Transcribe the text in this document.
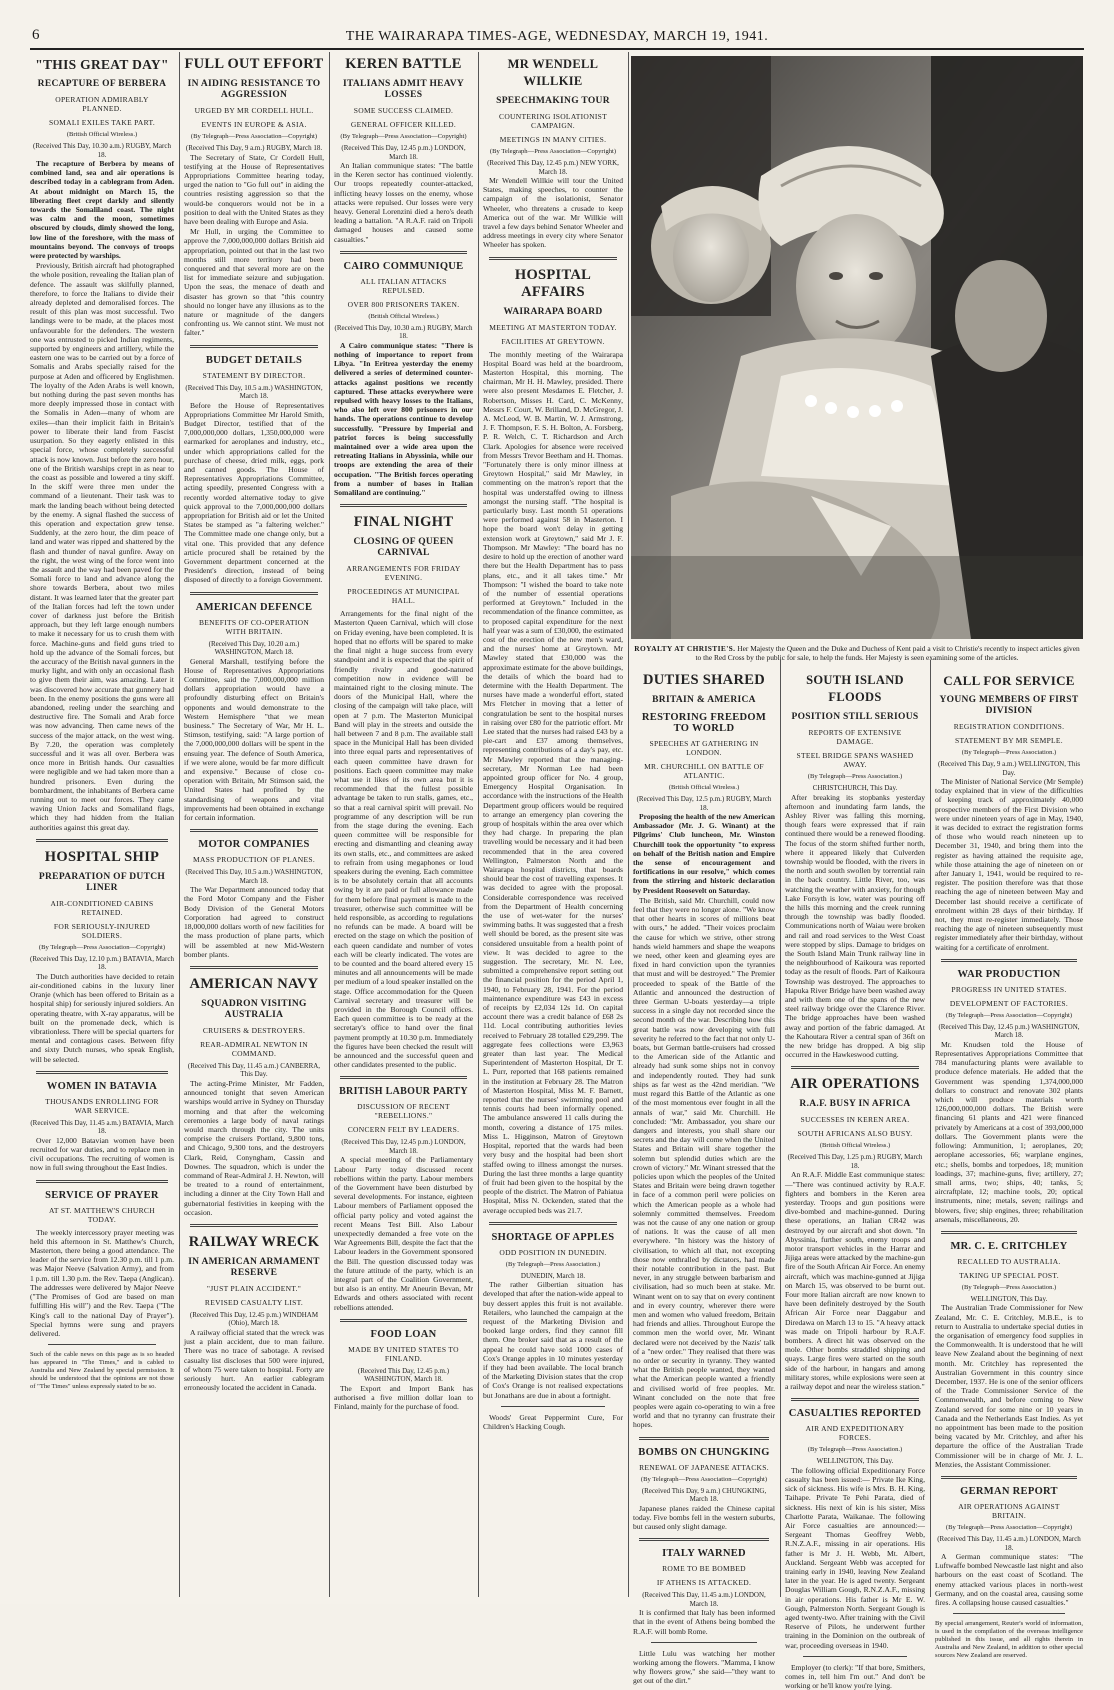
6	THE WAIRARAPA TIMES-AGE, WEDNESDAY, MARCH 19, 1941.
"THIS GREAT DAY"
RECAPTURE OF BERBERA
OPERATION ADMIRABLY PLANNED.
SOMALI EXILES TAKE PART.
(British Official Wireless.)
(Received This Day, 10.30 a.m.) RUGBY, March 18.

The recapture of Berbera by means of combined land, sea and air operations is described today in a cablegram from Aden. At about midnight on March 15, the liberating fleet crept darkly and silently towards the Somaliland coast. The night was calm and the moon, sometimes obscured by clouds, dimly showed the long, low line of the foreshore, with the mass of mountains beyond. The convoys of troops were protected by warships.

Previously, British aircraft had photographed the whole position, revealing the Italian plan of defence. The assault was skilfully planned, therefore, to force the Italians to divide their already depleted and demoralised forces. The result of this plan was most successful. Two landings were to be made, at the places most unfavourable for the defenders. The western one was entrusted to picked Indian regiments, supported by engineers and artillery, while the eastern one was to be carried out by a force of Somalis and Arabs specially raised for the purpose at Aden and officered by Englishmen. The loyalty of the Aden Arabs is well known, but nothing during the past seven months has more deeply impressed those in contact with the Somalis in Aden—many of whom are exiles—than their implicit faith in Britain's power to liberate their land from Fascist usurpation. So they eagerly enlisted in this special force, whose completely successful attack is now known. Just before the zero hour, one of the British warships crept in as near to the coast as possible and lowered a tiny skiff. In the skiff were three men under the command of a lieutenant. Their task was to mark the landing beach without being detected by the enemy. A signal flashed the success of this operation and expectation grew tense. Suddenly, at the zero hour, the dim peace of land and water was ripped and shattered by the flash and thunder of naval gunfire. Away on the right, the west wing of the force went into the assault and the way had been paved for the Somali force to land and advance along the shore towards Berbera, about two miles distant. It was learned later that the greater part of the Italian forces had left the town under cover of darkness just before the British approach, but they left large enough numbers to make it necessary for us to crush them with force. Machine-guns and field guns tried to hold up the advance of the Somali forces, but the accuracy of the British naval gunners in the murky light, and with only an occasional flash to give them their aim, was amazing. Later it was discovered how accurate that gunnery had been. In the enemy positions the guns were all abandoned, reeling under the searching and destructive fire. The Somali and Arab force was now advancing. Then came news of the success of the major attack, on the west wing. By 7.20, the operation was completely successful and it was all over. Berbera was once more in British hands. Our casualties were negligible and we had taken more than a hundred prisoners. Even during the bombardment, the inhabitants of Berbera came running out to meet our forces. They came waving Union Jacks and Somaliland flags, which they had hidden from the Italian authorities against this great day.

HOSPITAL SHIP
PREPARATION OF DUTCH LINER
AIR-CONDITIONED CABINS RETAINED.
FOR SERIOUSLY-INJURED SOLDIERS.
(By Telegraph—Press Association—Copyright)
(Received This Day, 12.10 p.m.) BATAVIA, March 18.

The Dutch authorities have decided to retain air-conditioned cabins in the luxury liner Oranje (which has been offered to Britain as a hospital ship) for seriously injured soldiers. An operating theatre, with X-ray apparatus, will be built on the promenade deck, which is vibrationless. There will be special quarters for mental and contagious cases. Between fifty and sixty Dutch nurses, who speak English, will be selected.

WOMEN IN BATAVIA
THOUSANDS ENROLLING FOR WAR SERVICE.
(Received This Day, 11.45 a.m.) BATAVIA, March 18.

Over 12,000 Batavian women have been recruited for war duties, and to replace men in civil occupations. The recruiting of women is now in full swing throughout the East Indies.

SERVICE OF PRAYER
AT ST. MATTHEW'S CHURCH TODAY.

The weekly intercessory prayer meeting was held this afternoon in St. Matthew's Church, Masterton, there being a good attendance. The leader of the service from 12.30 p.m. till 1 p.m. was Major Neeve (Salvation Army), and from 1 p.m. till 1.30 p.m. the Rev. Taepa (Anglican). The addresses were delivered by Major Neeve ("The Promises of God are based on man fulfilling His will") and the Rev. Taepa ("The King's call to the national Day of Prayer"). Special hymns were sung and prayers delivered.

Such of the cable news on this page as is so headed has appeared in "The Times," and is cabled to Australia and New Zealand by special permission. It should be understood that the opinions are not those of "The Times" unless expressly stated to be so.
FULL OUT EFFORT
IN AIDING RESISTANCE TO AGGRESSION
URGED BY MR CORDELL HULL.
EVENTS IN EUROPE & ASIA.
(By Telegraph—Press Association—Copyright)
(Received This Day, 9 a.m.) RUGBY, March 18.

The Secretary of State, Cr Cordell Hull, testifying at the House of Representatives Appropriations Committee hearing today, urged the nation to "Go full out" in aiding the countries resisting aggression so that the would-be conquerors would not be in a position to deal with the United States as they have been dealing with Europe and Asia.

Mr Hull, in urging the Committee to approve the 7,000,000,000 dollars British aid appropriation, pointed out that in the last two months still more territory had been conquered and that several more are on the list for immediate seizure and subjugation. Upon the seas, the menace of death and disaster has grown so that "this country should no longer have any illusions as to the nature or magnitude of the dangers confronting us. We cannot stint. We must not falter."

BUDGET DETAILS
STATEMENT BY DIRECTOR.
(Received This Day, 10.5 a.m.) WASHINGTON, March 18.

Before the House of Representatives Appropriations Committee Mr Harold Smith, Budget Director, testified that of the 7,000,000,000 dollars, 1,350,000,000 were earmarked for aeroplanes and industry, etc., under which appropriations called for the purchase of cheese, dried milk, eggs, pork and canned goods. The House of Representatives Appropriations Committee, acting speedily, presented Congress with a recently worded alternative today to give quick approval to the 7,000,000,000 dollars appropriation for British aid or let the United States be stamped as "a faltering welcher." The Committee made one change only, but a vital one. This provided that any defence article procured shall be retained by the Government department concerned at the President's direction, instead of being disposed of directly to a foreign Government.

AMERICAN DEFENCE
BENEFITS OF CO-OPERATION WITH BRITAIN.
(Received This Day, 10.20 a.m.) WASHINGTON, March 18.

General Marshall, testifying before the House of Representatives Appropriations Committee, said the 7,000,000,000 million dollars appropriation would have a profoundly disturbing effect on Britain's opponents and would demonstrate to the Western Hemisphere "that we mean business." The Secretary of War, Mr H. L. Stimson, testifying, said: "A large portion of the 7,000,000,000 dollars will be spent in the ensuing year. The defence of South America, if we were alone, would be far more difficult and expensive." Because of close co-operation with Britain, Mr Stimson said, the United States had profited by the standardising of weapons and vital improvements had been obtained in exchange for certain information.

MOTOR COMPANIES
MASS PRODUCTION OF PLANES.
(Received This Day, 10.5 a.m.) WASHINGTON, March 18.

The War Department announced today that the Ford Motor Company and the Fisher Body Division of the General Motors Corporation had agreed to construct 18,000,000 dollars worth of new facilities for the mass production of plane parts, which will be assembled at new Mid-Western bomber plants.

AMERICAN NAVY
SQUADRON VISITING AUSTRALIA
CRUISERS & DESTROYERS.
REAR-ADMIRAL NEWTON IN COMMAND.
(Received This Day, 11.45 a.m.) CANBERRA, This Day.

The acting-Prime Minister, Mr Fadden, announced tonight that seven American warships would arrive in Sydney on Thursday morning and that after the welcoming ceremonies a large body of naval ratings would march through the city. The units comprise the cruisers Portland, 9,800 tons, and Chicago, 9,300 tons, and the destroyers Clark, Reid, Conyngham, Cassin and Downes. The squadron, which is under the command of Rear-Admiral J. H. Newton, will be treated to a round of entertainment, including a dinner at the City Town Hall and gubernatorial festivities in keeping with the occasion.

RAILWAY WRECK
IN AMERICAN ARMAMENT RESERVE
"JUST PLAIN ACCIDENT."
REVISED CASUALTY LIST.
(Received This Day, 12.45 p.m.) WINDHAM (Ohio), March 18.

A railway official stated that the wreck was just a plain accident, due to man failure. There was no trace of sabotage. A revised casualty list discloses that 500 were injured, of whom 75 were taken to hospital. Forty are seriously hurt. An earlier cablegram erroneously located the accident in Canada.

KEREN BATTLE
ITALIANS ADMIT HEAVY LOSSES
SOME SUCCESS CLAIMED.
GENERAL OFFICER KILLED.
(By Telegraph—Press Association—Copyright)
(Received This Day, 12.45 p.m.) LONDON, March 18.

An Italian communique states: "The battle in the Keren sector has continued violently. Our troops repeatedly counter-attacked, inflicting heavy losses on the enemy, whose attacks were repulsed. Our losses were very heavy. General Lorenzini died a hero's death leading a battalion. "A R.A.F. raid on Tripoli damaged houses and caused some casualties."

CAIRO COMMUNIQUE
ALL ITALIAN ATTACKS REPULSED.
OVER 800 PRISONERS TAKEN.
(British Official Wireless.)
(Received This Day, 10.30 a.m.) RUGBY, March 18.

A Cairo communique states: "There is nothing of importance to report from Libya. "In Eritrea yesterday the enemy delivered a series of determined counter-attacks against positions we recently captured. These attacks everywhere were repulsed with heavy losses to the Italians, who also left over 800 prisoners in our hands. The operations continue to develop successfully. "Pressure by Imperial and patriot forces is being successfully maintained over a wide area upon the retreating Italians in Abyssinia, while our troops are extending the area of their occupation. "The British forces operating from a number of bases in Italian Somaliland are continuing."

FINAL NIGHT
CLOSING OF QUEEN CARNIVAL
ARRANGEMENTS FOR FRIDAY EVENING.
PROCEEDINGS AT MUNICIPAL HALL.

Arrangements for the final night of the Masterton Queen Carnival, which will close on Friday evening, have been completed. It is hoped that no efforts will be spared to make the final night a huge success from every standpoint and it is expected that the spirit of friendly rivalry and good-natured competition now in evidence will be maintained right to the closing minute. The doors of the Municipal Hall, where the closing of the campaign will take place, will open at 7 p.m. The Masterton Municipal Band will play in the streets and outside the hall between 7 and 8 p.m. The available stall space in the Municipal Hall has been divided into three equal parts and representatives of each queen committee have drawn for positions. Each queen committee may make what use it likes of its own area but it is recommended that the fullest possible advantage be taken to run stalls, games, etc., so that a real carnival spirit will prevail. No programme of any description will be run from the stage during the evening. Each queen committee will be responsible for erecting and dismantling and cleaning away its own stalls, etc., and committees are asked to refrain from using megaphones or loud speakers during the evening. Each committee is to be absolutely certain that all accounts owing by it are paid or full allowance made for them before final payment is made to the treasurer, otherwise such committee will be held responsible, as according to regulations no refunds can be made. A board will be erected on the stage on which the position of each queen candidate and number of votes each will be clearly indicated. The votes are to be counted and the board altered every 15 minutes and all announcements will be made per medium of a loud speaker installed on the stage. Office accommodation for the Queen Carnival secretary and treasurer will be provided in the Borough Council offices. Each queen committee is to be ready at the secretary's office to hand over the final payment promptly at 10.30 p.m. Immediately the figures have been checked the result will be announced and the successful queen and other candidates presented to the public.

BRITISH LABOUR PARTY
DISCUSSION OF RECENT "REBELLIONS."
CONCERN FELT BY LEADERS.
(Received This Day, 12.45 p.m.) LONDON, March 18.

A special meeting of the Parliamentary Labour Party today discussed recent rebellions within the party. Labour members of the Government have been disturbed by several developments. For instance, eighteen Labour members of Parliament opposed the official party policy and voted against the recent Means Test Bill. Also Labour unexpectedly demanded a free vote on the War Agreements Bill, despite the fact that the Labour leaders in the Government sponsored the Bill. The question discussed today was the future attitude of the party, which is an integral part of the Coalition Government, but also is an entity. Mr Aneurin Bevan, Mr Edwards and others associated with recent rebellions attended.

FOOD LOAN
MADE BY UNITED STATES TO FINLAND.
(Received This Day, 12.45 p.m.) WASHINGTON, March 18.

The Export and Import Bank has authorised a five million dollar loan to Finland, mainly for the purchase of food.

MR WENDELL WILLKIE
SPEECHMAKING TOUR
COUNTERING ISOLATIONIST CAMPAIGN.
MEETINGS IN MANY CITIES.
(By Telegraph—Press Association—Copyright)
(Received This Day, 12.45 p.m.) NEW YORK, March 18.

Mr Wendell Willkie will tour the United States, making speeches, to counter the campaign of the isolationist, Senator Wheeler, who threatens a crusade to keep America out of the war. Mr Willkie will travel a few days behind Senator Wheeler and address meetings in every city where Senator Wheeler has spoken.

HOSPITAL AFFAIRS
WAIRARAPA BOARD
MEETING AT MASTERTON TODAY.
FACILITIES AT GREYTOWN.

The monthly meeting of the Wairarapa Hospital Board was held at the boardroom, Masterton Hospital, this morning. The chairman, Mr H. H. Mawley, presided. There were also present Mesdames E. Fletcher, J. Robertson, Misses H. Card, C. McKenny, Messrs F. Court, W. Brilland, D. McGregor, J. A. McLeod, W. B. Martin, W. J. Armstrong, J. F. Thompson, F. S. H. Bolton, A. Forsberg, P. R. Welch, C. T. Richardson and Arch Clark. Apologies for absence were received from Messrs Trevor Beetham and H. Thomas. "Fortunately there is only minor illness at Greytown Hospital," said Mr Mawley, in commenting on the matron's report that the hospital was understaffed owing to illness amongst the nursing staff. "The hospital is particularly busy. Last month 51 operations were performed against 58 in Masterton. I hope the board won't delay in getting extension work at Greytown," said Mr J. F. Thompson. Mr Mawley: "The board has no desire to hold up the erection of another ward there but the Health Department has to pass plans, etc., and it all takes time." Mr Thompson: "I wished the board to take note of the number of essential operations performed at Greytown." Included in the recommendation of the finance committee, as to proposed capital expenditure for the next half year was a sum of £30,000, the estimated cost of the erection of the new men's ward, and the nurses' home at Greytown. Mr Mawley stated that £30,000 was the approximate estimate for the above buildings, the details of which the board had to determine with the Health Department. The nurses have made a wonderful effort, stated Mrs Fletcher in moving that a letter of congratulation be sent to the hospital nurses in raising over £80 for the patriotic effort. Mr Lee stated that the nurses had raised £43 by a pie-cart and £37 among themselves, representing contributions of a day's pay, etc. Mr Mawley reported that the managing-secretary, Mr Norman Lee had been appointed group officer for No. 4 group, Emergency Hospital Organisation. In accordance with the instructions of the Health Department group officers would be required to arrange an emergency plan covering the group of hospitals within the area over which they had charge. In preparing the plan travelling would be necessary and it had been recommended that in the area covered Wellington, Palmerston North and the Wairarapa hospital districts, that boards should bear the cost of travelling expenses. It was decided to agree with the proposal. Considerable correspondence was received from the Department of Health concerning the use of wet-water for the nurses' swimming baths. It was suggested that a fresh well should be bored, as the present site was considered unsuitable from a health point of view. It was decided to agree to the suggestion. The secretary, Mr. N. Lee, submitted a comprehensive report setting out the financial position for the period April 1, 1940, to February 28, 1941. For the period maintenance expenditure was £43 in excess of receipts by £2,034 12s 1d. On capital account there was a credit balance of £68 2s 11d. Local contributing authorities levies received to February 28 totalled £29,299. The aggregate fees collections were £3,963 greater than last year. The Medical Superintendent of Masterton Hospital, Dr T. L. Purr, reported that 168 patients remained in the institution at February 28. The Matron of Masterton Hospital, Miss M. F. Barnett, reported that the nurses' swimming pool and tennis courts had been informally opened. The ambulance answered 11 calls during the month, covering a distance of 175 miles. Miss L. Higginson, Matron of Greytown Hospital, reported that the wards had been very busy and the hospital had been short staffed owing to illness amongst the nurses. During the last three months a large quantity of fruit had been given to the hospital by the people of the district. The Matron of Pahiatua Hospital, Miss N. Ockenden, stated that the average occupied beds was 21.7.

SHORTAGE OF APPLES
ODD POSITION IN DUNEDIN.
(By Telegraph—Press Association.)
DUNEDIN, March 18.

The rather Gilbertian situation has developed that after the nation-wide appeal to buy dessert apples this fruit is not available. Retailers, who launched the campaign at the request of the Marketing Division and booked large orders, find they cannot fill them. One broker said that as a result of the appeal he could have sold 1000 cases of Cox's Orange apples in 10 minutes yesterday if they had been available. The local branch of the Marketing Division states that the crop of Cox's Orange is not realised expectations but Jonathans are due in about a fortnight.

Woods' Great Peppermint Cure, For Children's Hacking Cough.

ROYALTY AT CHRISTIE'S. Her Majesty the Queen and the Duke and Duchess of Kent paid a visit to Christie's recently to inspect articles given to the Red Cross by the public for sale, to help the funds. Her Majesty is seen examining some of the articles.
DUTIES SHARED
BRITAIN & AMERICA
RESTORING FREEDOM TO WORLD
SPEECHES AT GATHERING IN LONDON.
MR. CHURCHILL ON BATTLE OF ATLANTIC.
(British Official Wireless.)
(Received This Day, 12.5 p.m.) RUGBY, March 18.

Proposing the health of the new American Ambassador (Mr. J. G. Winant) at the Pilgrims' Club luncheon, Mr. Winston Churchill took the opportunity "to express on behalf of the British nation and Empire the sense of encouragement and fortifications in our resolve," which comes from the stirring and historic declaration by President Roosevelt on Saturday.

The British, said Mr. Churchill, could now feel that they were no longer alone. "We know that other hearts in scores of millions beat with ours," he added. "Their voices proclaim the cause for which we strive, other strong hands wield hammers and shape the weapons we need, other keen and gleaming eyes are fixed in hard conviction upon the tyrannies that must and will be destroyed." The Premier proceeded to speak of the Battle of the Atlantic and announced the destruction of three German U-boats yesterday—a triple success in a single day not recorded since the second month of the war. Describing how this great battle was now developing with full severity he referred to the fact that not only U-boats, but German battle-cruisers had crossed to the American side of the Atlantic and already had sunk some ships not in convoy and independently routed. They had sunk ships as far west as the 42nd meridian. "We must regard this Battle of the Atlantic as one of the most momentous ever fought in all the annals of war," said Mr. Churchill. He concluded: "Mr. Ambassador, you share our dangers and interests, you shall share our secrets and the day will come when the United States and Britain will share together the solemn but splendid duties which are the crown of victory." Mr. Winant stressed that the policies upon which the peoples of the United States and Britain were being drawn together in face of a common peril were policies on which the American people as a whole had solemnly committed themselves. Freedom was not the cause of any one nation or group of nations. It was the cause of all men everywhere. "In history was the history of civilisation, to which all that, not excepting those now enthralled by dictators, had made their notable contribution in the past. But never, in any struggle between barbarism and civilisation, had so much been at stake. Mr. Winant went on to say that on every continent and in every country, wherever there were men and women who valued freedom, Britain had friends and allies. Throughout Europe the common men the world over, Mr. Winant declared were not deceived by the Nazis' talk of a "new order." They realised that there was no order or security in tyranny. They wanted what the British people wanted, they wanted what the American people wanted a friendly and civilised world of free peoples. Mr. Winant concluded on the note that free peoples were again co-operating to win a free world and that no tyranny can frustrate their hopes.

BOMBS ON CHUNGKING
RENEWAL OF JAPANESE ATTACKS.
(By Telegraph—Press Association—Copyright)
(Received This Day, 9 a.m.) CHUNGKING, March 18.

Japanese planes raided the Chinese capital today. Five bombs fell in the western suburbs, but caused only slight damage.

ITALY WARNED
ROME TO BE BOMBED
IF ATHENS IS ATTACKED.
(Received This Day, 11.45 a.m.) LONDON, March 18.

It is confirmed that Italy has been informed that in the event of Athens being bombed the R.A.F. will bomb Rome.

Little Lulu was watching her mother working among the flowers. "Mamma, I know why flowers grow," she said—"they want to get out of the dirt."

SOUTH ISLAND FLOODS
POSITION STILL SERIOUS
REPORTS OF EXTENSIVE DAMAGE.
STEEL BRIDGE SPANS WASHED AWAY.
(By Telegraph—Press Association.)
CHRISTCHURCH, This Day.

After breaking its stopbanks yesterday afternoon and inundating farm lands, the Ashley River was falling this morning, though fears were expressed that if rain continued there would be a renewed flooding. The focus of the storm shifted further north, where it appeared likely that Culverden township would be flooded, with the rivers in the north and south swollen by torrential rain in the back country. Little River, too, was watching the weather with anxiety, for though Lake Forsyth is low, water was pouring off the hills this morning and the creek running through the township was badly flooded. Communications north of Waiau were broken and rail and road services to the West Coast were stopped by slips. Damage to bridges on the South Island Main Trunk railway line in the neighbourhood of Kaikoura was reported today as the result of floods. Part of Kaikoura Township was destroyed. The approaches to Hapuka River Bridge have been washed away and with them one of the spans of the new steel railway bridge over the Clarence River. The bridge approaches have been washed away and portion of the fabric damaged. At the Kahoutara River a central span of 36ft on the new bridge has dropped. A big slip occurred in the Hawkeswood cutting.

AIR OPERATIONS
R.A.F. BUSY IN AFRICA
SUCCESSES IN KEREN AREA.
SOUTH AFRICANS ALSO BUSY.
(British Official Wireless.)
(Received This Day, 1.25 p.m.) RUGBY, March 18.

An R.A.F. Middle East communique states:—"There was continued activity by R.A.F. fighters and bombers in the Keren area yesterday. Troops and gun positions were dive-bombed and machine-gunned. During these operations, an Italian CR42 was destroyed by our aircraft and shot down. "In Abyssinia, further south, enemy troops and motor transport vehicles in the Harrar and Jijiga areas were attacked by the machine-gun fire of the South African Air Force. An enemy aircraft, which was machine-gunned at Jijiga on March 15, was observed to be burnt out. Four more Italian aircraft are now known to have been definitely destroyed by the South African Air Force near Daggabur and Diredawa on March 13 to 15. "A heavy attack was made on Tripoli harbour by R.A.F. bombers. A direct hit was observed on the mole. Other bombs straddled shipping and quays. Large fires were started on the south side of the harbour, in hangars and among military stores, while explosions were seen at a railway depot and near the wireless station."

CASUALTIES REPORTED
AIR AND EXPEDITIONARY FORCES.
(By Telegraph—Press Association.)
WELLINGTON, This Day.

The following official Expeditionary Force casualty has been issued:— Private Ike King, sick of sickness. His wife is Mrs. B. H. King, Taihape. Private Te Pehi Parata, died of sickness. His next of kin is his sister, Miss Charlotte Parata, Waikanae. The following Air Force casualties are announced:— Sergeant Thomas Geoffrey Webb, R.N.Z.A.F., missing in air operations. His father is Mr J. H. Webb, Mt. Albert, Auckland. Sergeant Webb was accepted for training early in 1940, leaving New Zealand later in the year. He is aged twenty. Sergeant Douglas William Gough, R.N.Z.A.F., missing in air operations. His father is Mr E. W. Gough, Palmerston North. Sergeant Gough is aged twenty-two. After training with the Civil Reserve of Pilots, he underwent further training in the Dominion on the outbreak of war, proceeding overseas in 1940.

Employer (to clerk): "If that bore, Smithers, comes in, tell him I'm out." And don't be working or he'll know you're lying.

CALL FOR SERVICE
YOUNG MEMBERS OF FIRST DIVISION
REGISTRATION CONDITIONS.
STATEMENT BY MR SEMPLE.
(By Telegraph—Press Association.)
(Received This Day, 9 a.m.) WELLINGTON, This Day.

The Minister of National Service (Mr Semple) today explained that in view of the difficulties of keeping track of approximately 40,000 prospective members of the First Division who were under nineteen years of age in May, 1940, it was decided to extract the registration forms of those who would reach nineteen up to December 31, 1940, and bring them into the register as having attained the requisite age, while those attaining the age of nineteen on or after January 1, 1941, would be required to re-register. The position therefore was that those reaching the age of nineteen between May and December last should receive a certificate of enrolment within 28 days of their birthday. If not, they must re-register immediately. Those reaching the age of nineteen subsequently must register immediately after their birthday, without waiting for a certificate of enrolment.

WAR PRODUCTION
PROGRESS IN UNITED STATES.
DEVELOPMENT OF FACTORIES.
(By Telegraph—Press Association—Copyright)
(Received This Day, 12.45 p.m.) WASHINGTON, March 18.

Mr. Knudsen told the House of Representatives Appropriations Committee that 784 manufacturing plants were available to produce defence materials. He added that the Government was spending 1,374,000,000 dollars to construct and renovate 302 plants which will produce materials worth 126,000,000,000 dollars. The British were financing 61 plants and 421 were financed privately by Americans at a cost of 393,000,000 dollars. The Government plants were the following: Ammunition, 1; aeroplanes, 20; aeroplane accessories, 66; warplane engines, etc.; shells, bombs and torpedoes, 18; munition loadings, 37; machine-guns, five; artillery, 27; small arms, two; ships, 40; tanks, 5; aircraftplate, 12; machine tools, 20; optical instruments, nine; metals, seven; railings and blowers, five; ship engines, three; rehabilitation arsenals, miscellaneous, 20.

MR. C. E. CRITCHLEY
RECALLED TO AUSTRALIA.
TAKING UP SPECIAL POST.
(By Telegraph—Press Association.)
WELLINGTON, This Day.

The Australian Trade Commissioner for New Zealand, Mr. C. E. Critchley, M.B.E., is to return to Australia to undertake special duties in the organisation of emergency food supplies in the Commonwealth. It is understood that he will leave New Zealand about the beginning of next month. Mr. Critchley has represented the Australian Government in this country since December, 1937. He is one of the senior officers of the Trade Commissioner Service of the Commonwealth, and before coming to New Zealand served for some nine or 10 years in Canada and the Netherlands East Indies. As yet no appointment has been made to the position being vacated by Mr. Critchley, and after his departure the office of the Australian Trade Commissioner will be in charge of Mr. J. L. Menzies, the Assistant Commissioner.

GERMAN REPORT
AIR OPERATIONS AGAINST BRITAIN.
(By Telegraph—Press Association—Copyright)
(Received This Day, 11.45 a.m.) LONDON, March 18.

A German communique states: "The Luftwaffe bombed Newcastle last night and also harbours on the east coast of Scotland. The enemy attacked various places in north-west Germany, and on the coastal area, causing some fires. A collapsing house caused casualties."

By special arrangement, Reuter's world of information, is used in the compilation of the overseas intelligence published in this issue, and all rights therein in Australia and New Zealand, in addition to other special sources New Zealand are reserved.
